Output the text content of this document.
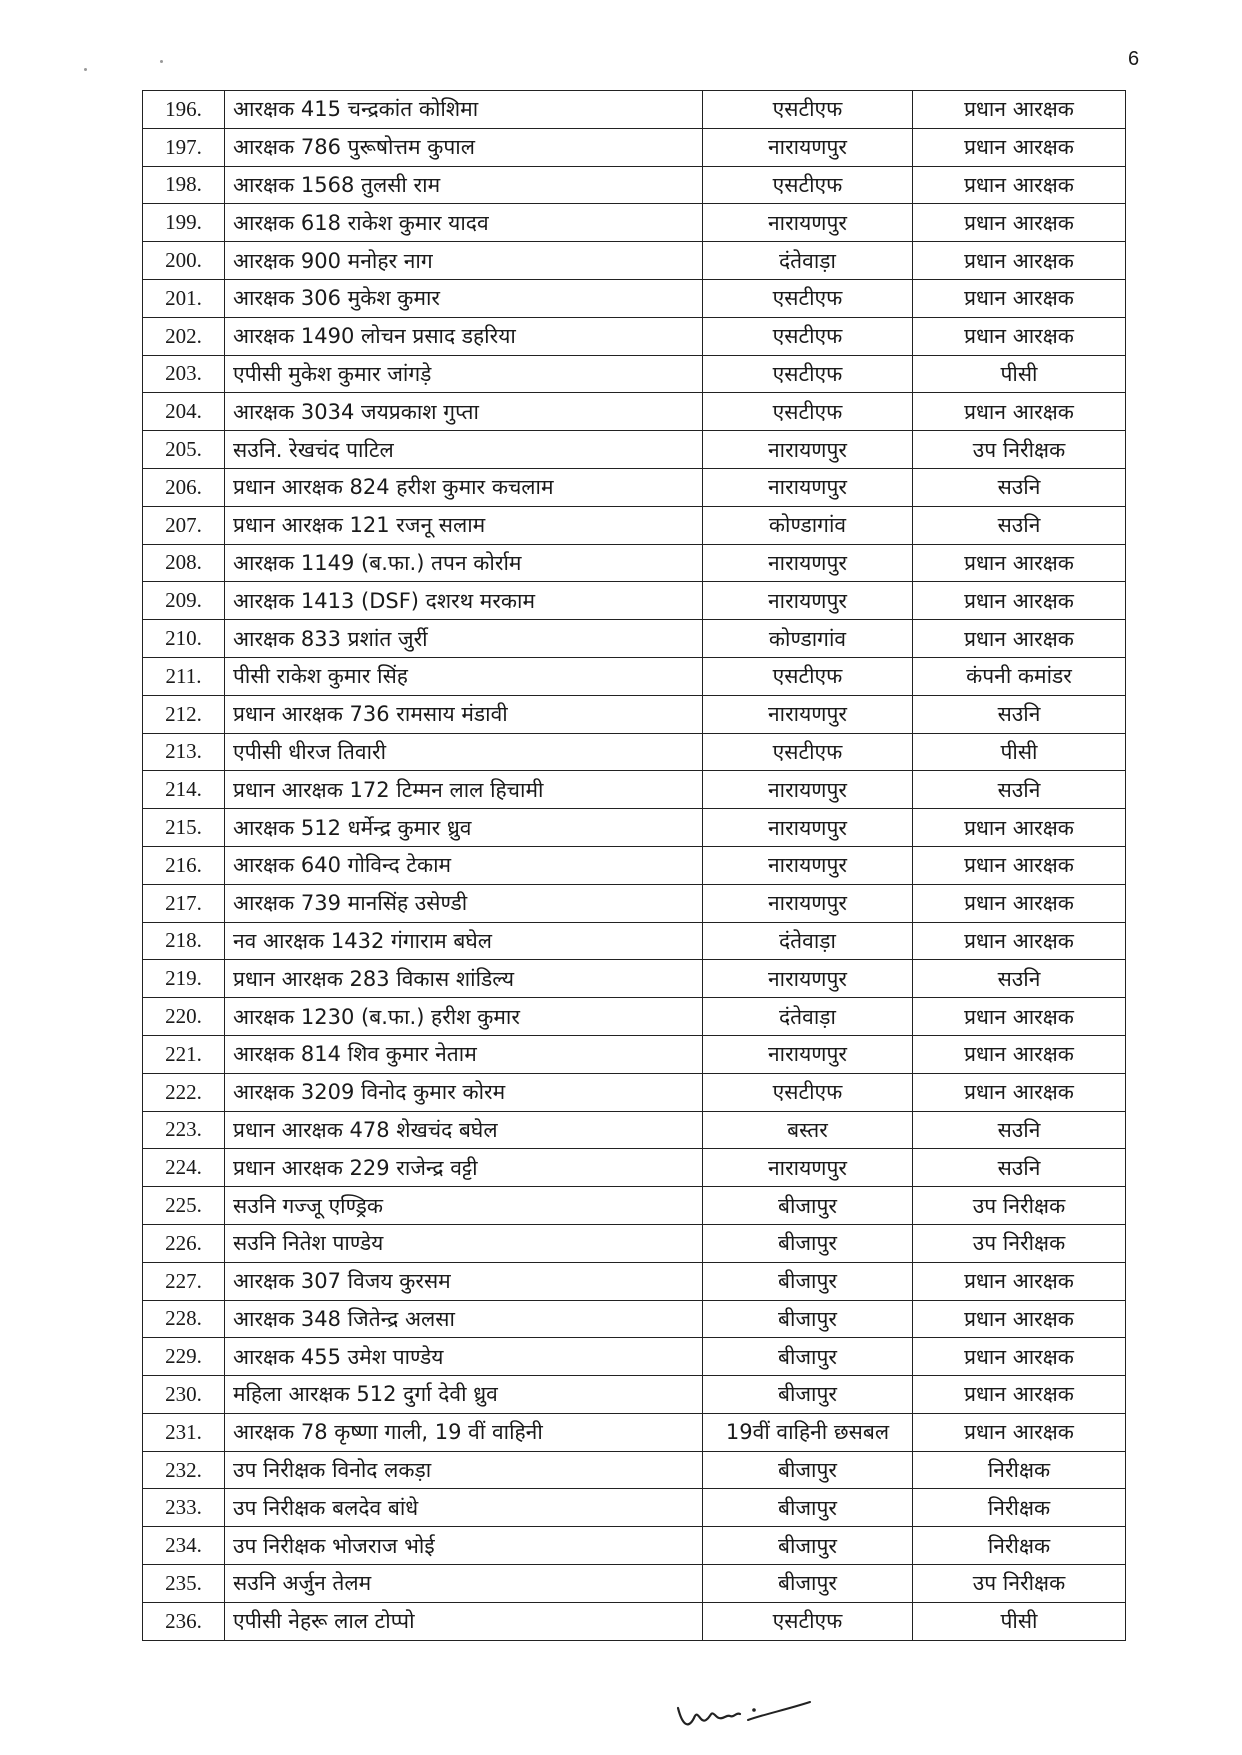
6
196.	आरक्षक 415 चन्द्रकांत कोशिमा	एसटीएफ	प्रधान आरक्षक
197.	आरक्षक 786 पुरूषोत्तम कुपाल	नारायणपुर	प्रधान आरक्षक
198.	आरक्षक 1568 तुलसी राम	एसटीएफ	प्रधान आरक्षक
199.	आरक्षक 618 राकेश कुमार यादव	नारायणपुर	प्रधान आरक्षक
200.	आरक्षक 900 मनोहर नाग	दंतेवाड़ा	प्रधान आरक्षक
201.	आरक्षक 306 मुकेश कुमार	एसटीएफ	प्रधान आरक्षक
202.	आरक्षक 1490 लोचन प्रसाद डहरिया	एसटीएफ	प्रधान आरक्षक
203.	एपीसी मुकेश कुमार जांगड़े	एसटीएफ	पीसी
204.	आरक्षक 3034 जयप्रकाश गुप्ता	एसटीएफ	प्रधान आरक्षक
205.	सउनि. रेखचंद पाटिल	नारायणपुर	उप निरीक्षक
206.	प्रधान आरक्षक 824 हरीश कुमार कचलाम	नारायणपुर	सउनि
207.	प्रधान आरक्षक 121 रजनू सलाम	कोण्डागांव	सउनि
208.	आरक्षक 1149 (ब.फा.) तपन कोर्राम	नारायणपुर	प्रधान आरक्षक
209.	आरक्षक 1413 (DSF) दशरथ मरकाम	नारायणपुर	प्रधान आरक्षक
210.	आरक्षक 833 प्रशांत जुर्री	कोण्डागांव	प्रधान आरक्षक
211.	पीसी राकेश कुमार सिंह	एसटीएफ	कंपनी कमांडर
212.	प्रधान आरक्षक 736 रामसाय मंडावी	नारायणपुर	सउनि
213.	एपीसी धीरज तिवारी	एसटीएफ	पीसी
214.	प्रधान आरक्षक 172 टिम्मन लाल हिचामी	नारायणपुर	सउनि
215.	आरक्षक 512 धर्मेन्द्र कुमार ध्रुव	नारायणपुर	प्रधान आरक्षक
216.	आरक्षक 640 गोविन्द टेकाम	नारायणपुर	प्रधान आरक्षक
217.	आरक्षक 739 मानसिंह उसेण्डी	नारायणपुर	प्रधान आरक्षक
218.	नव आरक्षक 1432 गंगाराम बघेल	दंतेवाड़ा	प्रधान आरक्षक
219.	प्रधान आरक्षक 283 विकास शांडिल्य	नारायणपुर	सउनि
220.	आरक्षक 1230 (ब.फा.) हरीश कुमार	दंतेवाड़ा	प्रधान आरक्षक
221.	आरक्षक 814 शिव कुमार नेताम	नारायणपुर	प्रधान आरक्षक
222.	आरक्षक 3209 विनोद कुमार कोरम	एसटीएफ	प्रधान आरक्षक
223.	प्रधान आरक्षक 478 शेखचंद बघेल	बस्तर	सउनि
224.	प्रधान आरक्षक 229 राजेन्द्र वट्टी	नारायणपुर	सउनि
225.	सउनि गज्जू एण्ड्रिक	बीजापुर	उप निरीक्षक
226.	सउनि नितेश पाण्डेय	बीजापुर	उप निरीक्षक
227.	आरक्षक 307 विजय कुरसम	बीजापुर	प्रधान आरक्षक
228.	आरक्षक 348 जितेन्द्र अलसा	बीजापुर	प्रधान आरक्षक
229.	आरक्षक 455 उमेश पाण्डेय	बीजापुर	प्रधान आरक्षक
230.	महिला आरक्षक 512 दुर्गा देवी ध्रुव	बीजापुर	प्रधान आरक्षक
231.	आरक्षक 78 कृष्णा गाली, 19 वीं वाहिनी	19वीं वाहिनी छसबल	प्रधान आरक्षक
232.	उप निरीक्षक विनोद लकड़ा	बीजापुर	निरीक्षक
233.	उप निरीक्षक बलदेव बांधे	बीजापुर	निरीक्षक
234.	उप निरीक्षक भोजराज भोई	बीजापुर	निरीक्षक
235.	सउनि अर्जुन तेलम	बीजापुर	उप निरीक्षक
236.	एपीसी नेहरू लाल टोप्पो	एसटीएफ	पीसी
